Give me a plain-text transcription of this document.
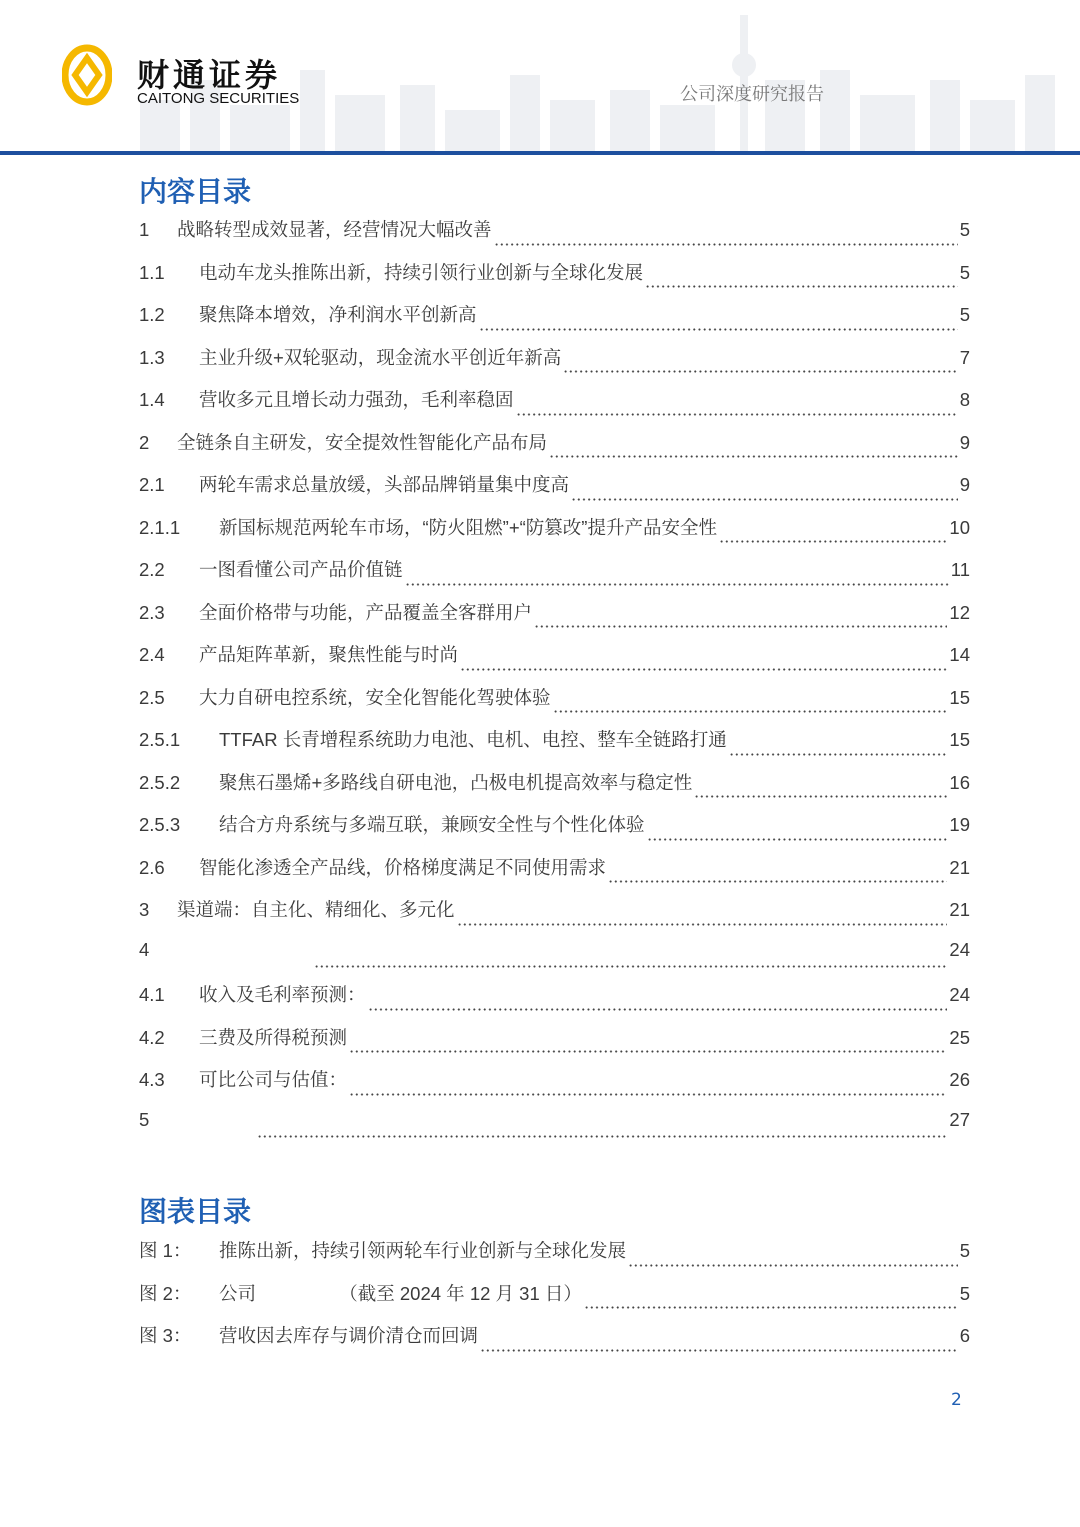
财通证券
CAITONG SECURITIES	公司深度研究报告
内容目录
1	战略转型成效显著，经营情况大幅改善	5
1.1	电动车龙头推陈出新，持续引领行业创新与全球化发展	5
1.2	聚焦降本增效，净利润水平创新高	5
1.3	主业升级+双轮驱动，现金流水平创近年新高	7
1.4	营收多元且增长动力强劲，毛利率稳固	8
2	全链条自主研发，安全提效性智能化产品布局	9
2.1	两轮车需求总量放缓，头部品牌销量集中度高	9
2.1.1	新国标规范两轮车市场，“防火阻燃”+“防篡改”提升产品安全性	10
2.2	一图看懂公司产品价值链	11
2.3	全面价格带与功能，产品覆盖全客群用户	12
2.4	产品矩阵革新，聚焦性能与时尚	14
2.5	大力自研电控系统，安全化智能化驾驶体验	15
2.5.1	TTFAR 长青增程系统助力电池、电机、电控、整车全链路打通	15
2.5.2	聚焦石墨烯+多路线自研电池，凸极电机提高效率与稳定性	16
2.5.3	结合方舟系统与多端互联，兼顾安全性与个性化体验	19
2.6	智能化渗透全产品线，价格梯度满足不同使用需求	21
3	渠道端：自主化、精细化、多元化	21
4	24
4.1	收入及毛利率预测：	24
4.2	三费及所得税预测	25
4.3	可比公司与估值：	26
5	27
图表目录
图 1：	推陈出新，持续引领两轮车行业创新与全球化发展	5
图 2：	公司　　　　　（截至 2024 年 12 月 31 日）	5
图 3：	营收因去库存与调价清仓而回调	6
2
